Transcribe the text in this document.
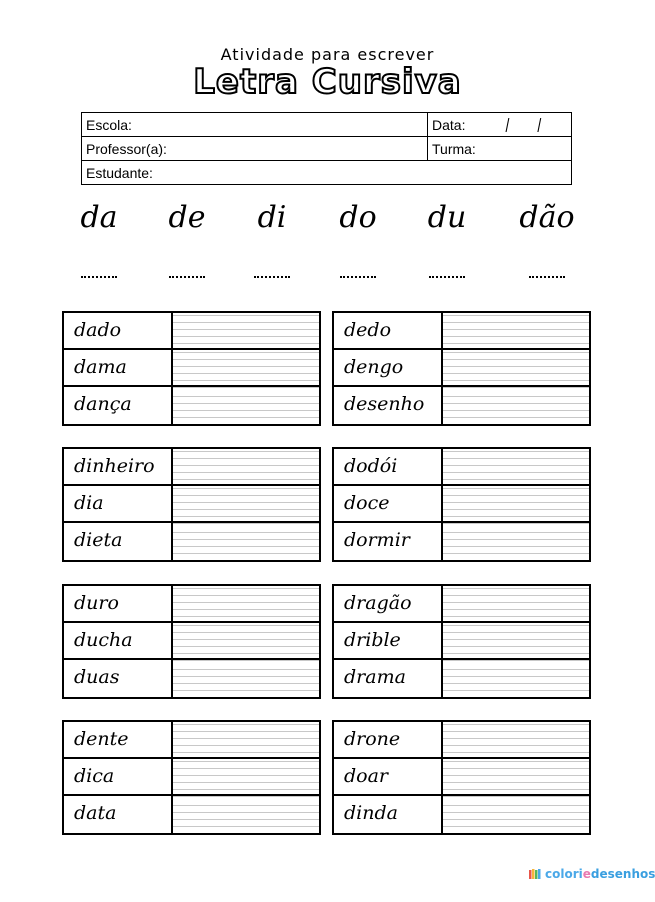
Atividade para escrever
Letra Cursiva
Escola:	Data: / /
Professor(a):	Turma:
Estudante:	
da	de	di	do	du	dão
dado
dama
dança
dedo
dengo
desenho
dinheiro
dia
dieta
dodói
doce
dormir
duro
ducha
duas
dragão
drible
drama
dente
dica
data
drone
doar
dinda
coloriedesenhos
